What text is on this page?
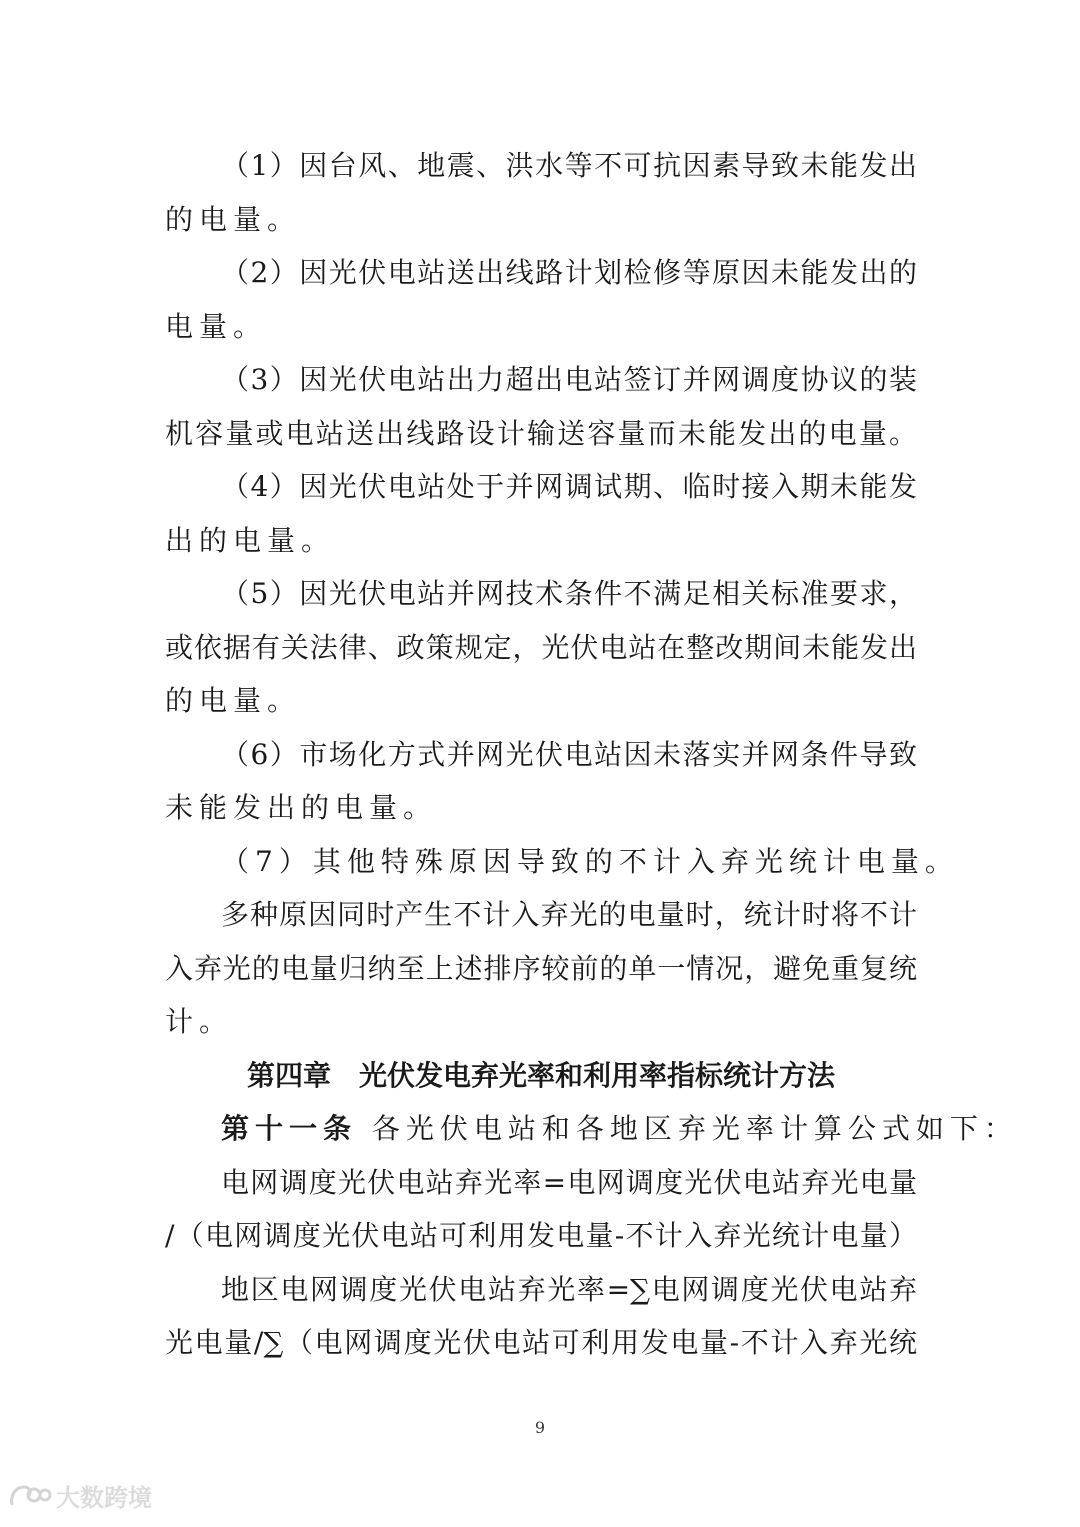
（1）因台风、地震、洪水等不可抗因素导致未能发出
的电量。
（2）因光伏电站送出线路计划检修等原因未能发出的
电量。
（3）因光伏电站出力超出电站签订并网调度协议的装
机容量或电站送出线路设计输送容量而未能发出的电量。
（4）因光伏电站处于并网调试期、临时接入期未能发
出的电量。
（5）因光伏电站并网技术条件不满足相关标准要求，
或依据有关法律、政策规定，光伏电站在整改期间未能发出
的电量。
（6）市场化方式并网光伏电站因未落实并网条件导致
未能发出的电量。
（7）其他特殊原因导致的不计入弃光统计电量。
多种原因同时产生不计入弃光的电量时，统计时将不计
入弃光的电量归纳至上述排序较前的单一情况，避免重复统
计。
第四章 光伏发电弃光率和利用率指标统计方法
第十一条 各光伏电站和各地区弃光率计算公式如下：
电网调度光伏电站弃光率=电网调度光伏电站弃光电量
/（电网调度光伏电站可利用发电量-不计入弃光统计电量）
地区电网调度光伏电站弃光率=∑电网调度光伏电站弃
光电量/∑（电网调度光伏电站可利用发电量-不计入弃光统
9
大数跨境
